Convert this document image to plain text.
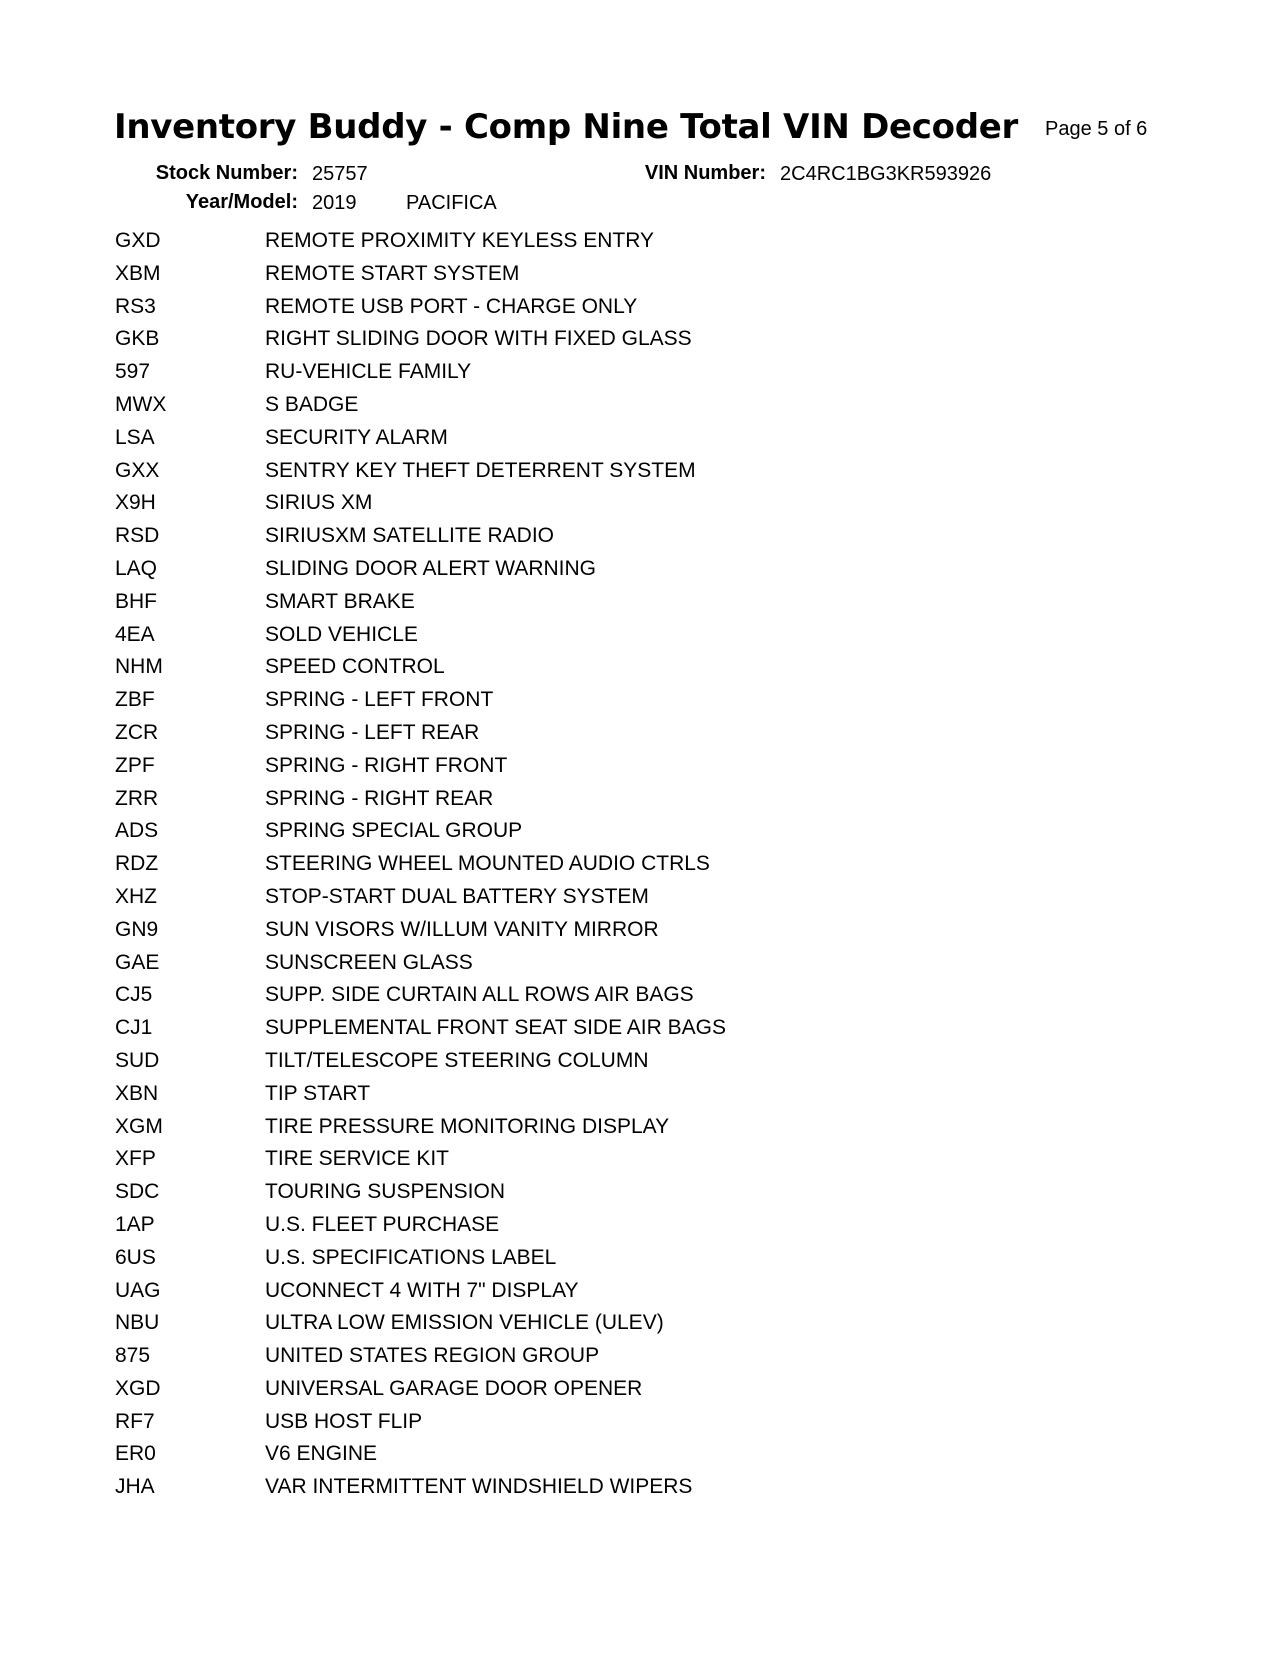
Inventory Buddy - Comp Nine Total VIN Decoder Page 5 of 6
Stock Number: 25757	VIN Number: 2C4RC1BG3KR593926
Year/Model: 2019 PACIFICA
GXD	REMOTE PROXIMITY KEYLESS ENTRY
XBM	REMOTE START SYSTEM
RS3	REMOTE USB PORT - CHARGE ONLY
GKB	RIGHT SLIDING DOOR WITH FIXED GLASS
597	RU-VEHICLE FAMILY
MWX	S BADGE
LSA	SECURITY ALARM
GXX	SENTRY KEY THEFT DETERRENT SYSTEM
X9H	SIRIUS XM
RSD	SIRIUSXM SATELLITE RADIO
LAQ	SLIDING DOOR ALERT WARNING
BHF	SMART BRAKE
4EA	SOLD VEHICLE
NHM	SPEED CONTROL
ZBF	SPRING - LEFT FRONT
ZCR	SPRING - LEFT REAR
ZPF	SPRING - RIGHT FRONT
ZRR	SPRING - RIGHT REAR
ADS	SPRING SPECIAL GROUP
RDZ	STEERING WHEEL MOUNTED AUDIO CTRLS
XHZ	STOP-START DUAL BATTERY SYSTEM
GN9	SUN VISORS W/ILLUM VANITY MIRROR
GAE	SUNSCREEN GLASS
CJ5	SUPP. SIDE CURTAIN ALL ROWS AIR BAGS
CJ1	SUPPLEMENTAL FRONT SEAT SIDE AIR BAGS
SUD	TILT/TELESCOPE STEERING COLUMN
XBN	TIP START
XGM	TIRE PRESSURE MONITORING DISPLAY
XFP	TIRE SERVICE KIT
SDC	TOURING SUSPENSION
1AP	U.S. FLEET PURCHASE
6US	U.S. SPECIFICATIONS LABEL
UAG	UCONNECT 4 WITH 7" DISPLAY
NBU	ULTRA LOW EMISSION VEHICLE (ULEV)
875	UNITED STATES REGION GROUP
XGD	UNIVERSAL GARAGE DOOR OPENER
RF7	USB HOST FLIP
ER0	V6 ENGINE
JHA	VAR INTERMITTENT WINDSHIELD WIPERS
